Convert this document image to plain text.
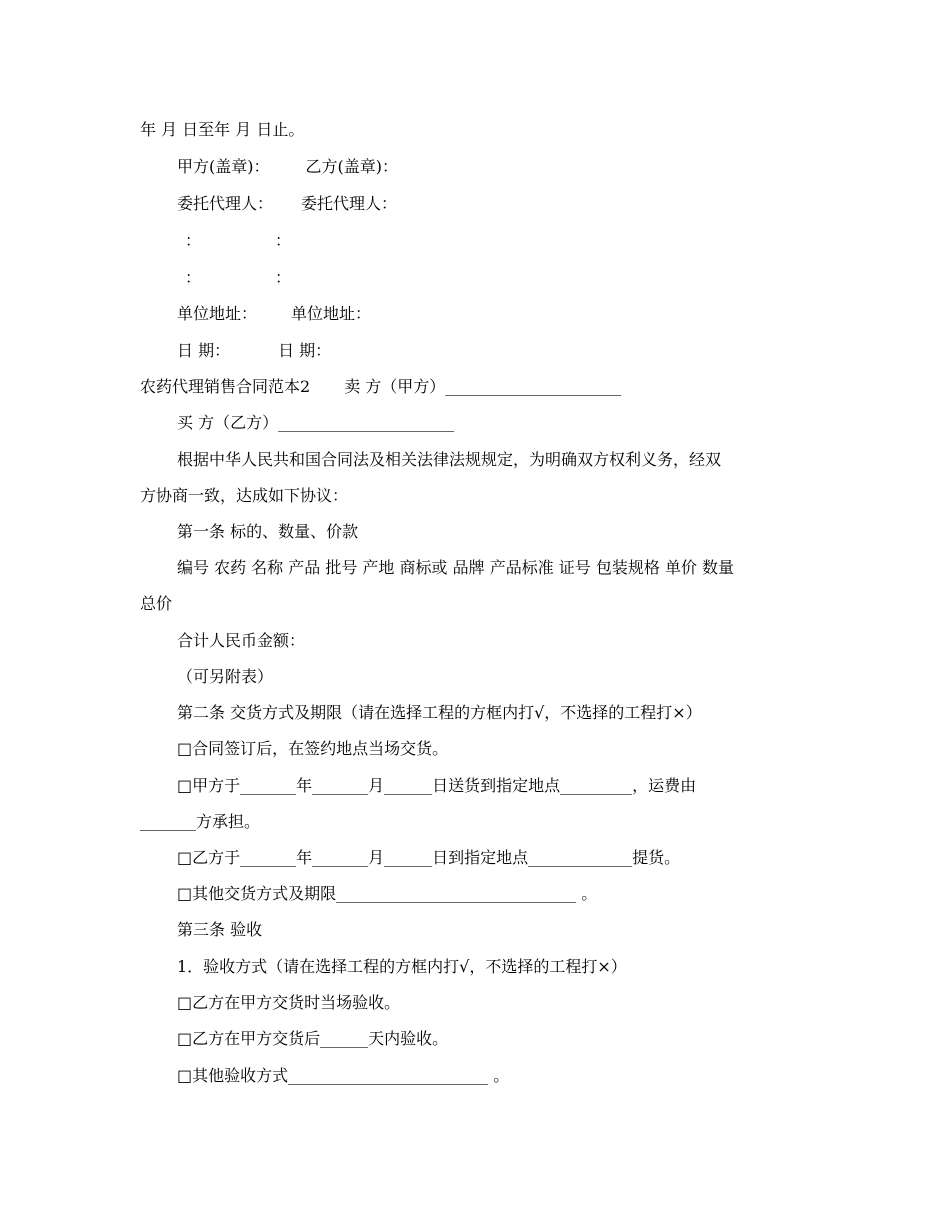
年 月 日至年 月 日止。
甲方(盖章)： 乙方(盖章)：
委托代理人： 委托代理人：
：	：
：	：
单位地址： 单位地址：
日 期：	日 期：
农药代理销售合同范本2 卖 方（甲方）______________________
买 方（乙方）______________________
根据中华人民共和国合同法及相关法律法规规定，为明确双方权利义务，经双
方协商一致，达成如下协议：
第一条 标的、数量、价款
编号 农药 名称 产品 批号 产地 商标或 品牌 产品标准 证号 包装规格 单价 数量
总价
合计人民币金额：
（可另附表）
第二条 交货方式及期限（请在选择工程的方框内打√，不选择的工程打×）
□合同签订后，在签约地点当场交货。
□甲方于_______年_______月______日送货到指定地点_________，运费由
_______方承担。
□乙方于_______年_______月______日到指定地点_____________提货。
□其他交货方式及期限______________________________ 。
第三条 验收
1．验收方式（请在选择工程的方框内打√，不选择的工程打×）
□乙方在甲方交货时当场验收。
□乙方在甲方交货后______天内验收。
□其他验收方式_________________________ 。
